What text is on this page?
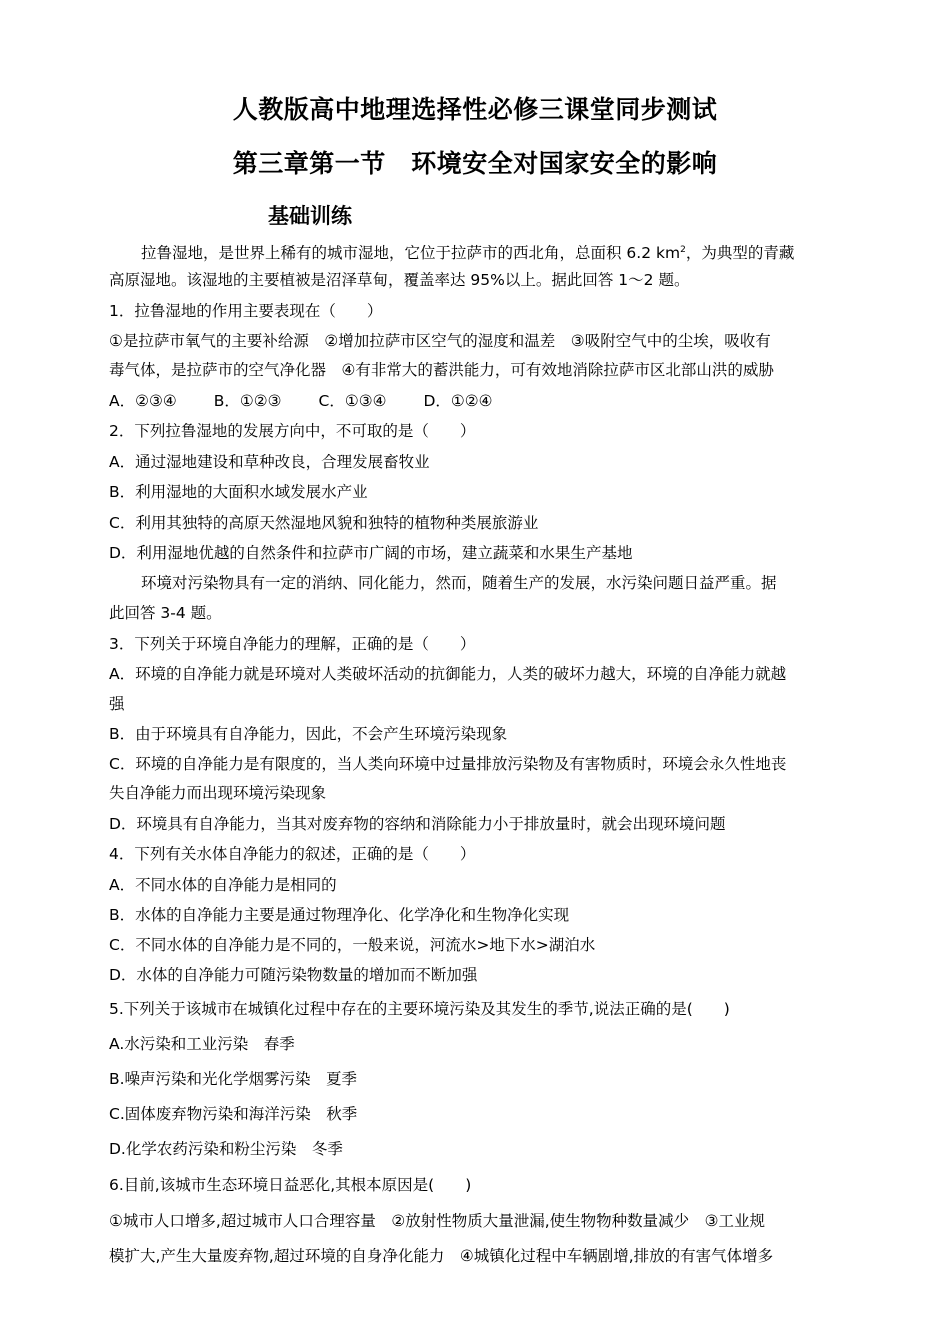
人教版高中地理选择性必修三课堂同步测试
第三章第一节　环境安全对国家安全的影响
基础训练
拉鲁湿地，是世界上稀有的城市湿地，它位于拉萨市的西北角，总面积 6.2 $km^2$，为典型的青藏
高原湿地。该湿地的主要植被是沼泽草甸，覆盖率达 95%以上。据此回答 1～2 题。
1．拉鲁湿地的作用主要表现在（　　）
①是拉萨市氧气的主要补给源　②增加拉萨市区空气的湿度和温差　③吸附空气中的尘埃，吸收有
毒气体，是拉萨市的空气净化器　④有非常大的蓄洪能力，可有效地消除拉萨市区北部山洪的威胁
A．②③④ B．①②③ C．①③④ D．①②④
2．下列拉鲁湿地的发展方向中，不可取的是（　　）
A．通过湿地建设和草种改良，合理发展畜牧业
B．利用湿地的大面积水域发展水产业
C．利用其独特的高原天然湿地风貌和独特的植物种类展旅游业
D．利用湿地优越的自然条件和拉萨市广阔的市场，建立蔬菜和水果生产基地
环境对污染物具有一定的消纳、同化能力，然而，随着生产的发展，水污染问题日益严重。据
此回答 3-4 题。
3．下列关于环境自净能力的理解，正确的是（　　）
A．环境的自净能力就是环境对人类破坏活动的抗御能力，人类的破坏力越大，环境的自净能力就越
强
B．由于环境具有自净能力，因此，不会产生环境污染现象
C．环境的自净能力是有限度的，当人类向环境中过量排放污染物及有害物质时，环境会永久性地丧
失自净能力而出现环境污染现象
D．环境具有自净能力，当其对废弃物的容纳和消除能力小于排放量时，就会出现环境问题
4．下列有关水体自净能力的叙述，正确的是（　　）
A．不同水体的自净能力是相同的
B．水体的自净能力主要是通过物理净化、化学净化和生物净化实现
C．不同水体的自净能力是不同的，一般来说，河流水>地下水>湖泊水
D．水体的自净能力可随污染物数量的增加而不断加强
5.下列关于该城市在城镇化过程中存在的主要环境污染及其发生的季节,说法正确的是(　　)
A.水污染和工业污染　春季
B.噪声污染和光化学烟雾污染　夏季
C.固体废弃物污染和海洋污染　秋季
D.化学农药污染和粉尘污染　冬季
6.目前,该城市生态环境日益恶化,其根本原因是(　　)
①城市人口增多,超过城市人口合理容量　②放射性物质大量泄漏,使生物物种数量减少　③工业规
模扩大,产生大量废弃物,超过环境的自身净化能力　④城镇化过程中车辆剧增,排放的有害气体增多
